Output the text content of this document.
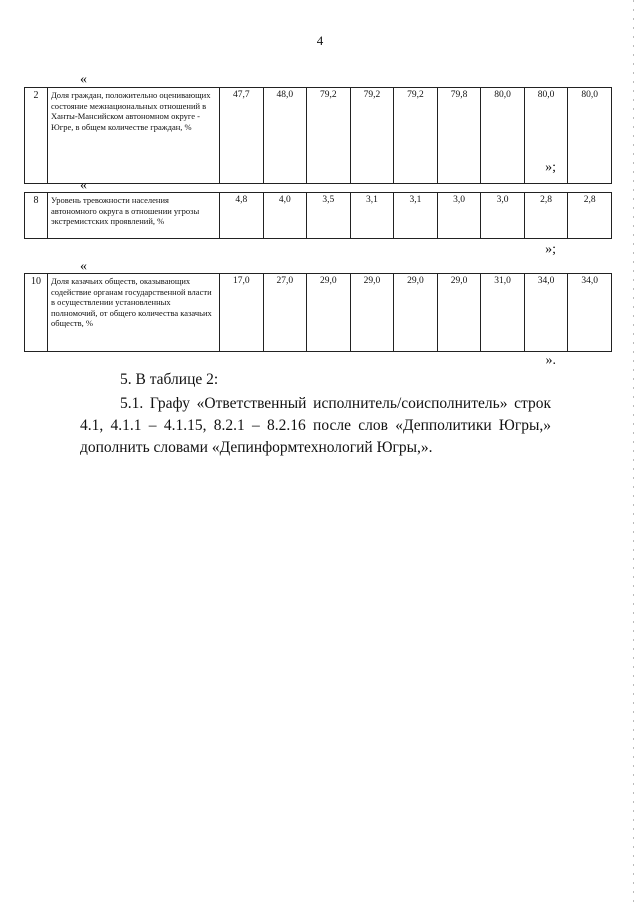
4
«
2	Доля граждан, положительно оценивающих состояние межнациональных отношений в Ханты-Мансийском автономном округе - Югре, в общем количестве граждан, %	47,7	48,0	79,2	79,2	79,2	79,8	80,0	80,0	80,0
»;
«
8	Уровень тревожности населения автономного округа в отношении угрозы экстремистских проявлений, %	4,8	4,0	3,5	3,1	3,1	3,0	3,0	2,8	2,8
»;
«
10	Доля казачьих обществ, оказывающих содействие органам государственной власти в осуществлении установленных полномочий, от общего количества казачьих обществ, %	17,0	27,0	29,0	29,0	29,0	29,0	31,0	34,0	34,0
».
5. В таблице 2:
5.1. Графу «Ответственный исполнитель/соисполнитель» строк 4.1, 4.1.1 – 4.1.15, 8.2.1 – 8.2.16 после слов «Депполитики Югры,» дополнить словами «Депинформтехнологий Югры,».
